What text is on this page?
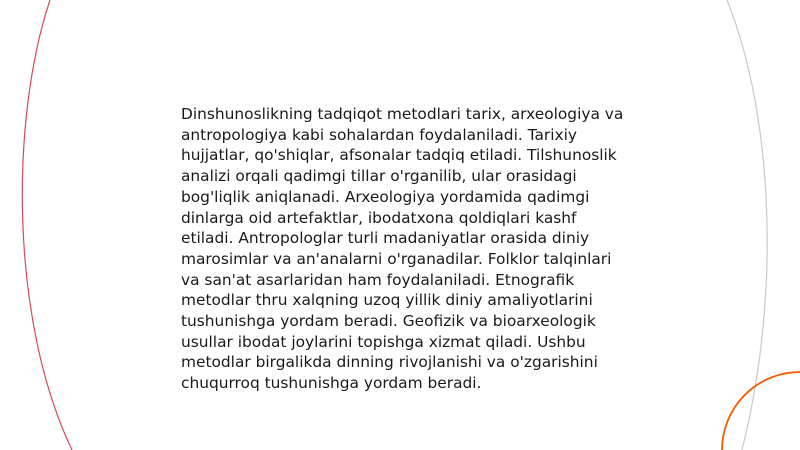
Dinshunoslikning tadqiqot metodlari tarix, arxeologiya va antropologiya kabi sohalardan foydalaniladi. Tarixiy hujjatlar, qo'shiqlar, afsonalar tadqiq etiladi. Tilshunoslik analizi orqali qadimgi tillar o'rganilib, ular orasidagi bog'liqlik aniqlanadi. Arxeologiya yordamida qadimgi dinlarga oid artefaktlar, ibodatxona qoldiqlari kashf etiladi. Antropologlar turli madaniyatlar orasida diniy marosimlar va an'analarni o'rganadilar. Folklor talqinlari va san'at asarlaridan ham foydalaniladi. Etnografik metodlar thru xalqning uzoq yillik diniy amaliyotlarini tushunishga yordam beradi. Geofizik va bioarxeologik usullar ibodat joylarini topishga xizmat qiladi. Ushbu metodlar birgalikda dinning rivojlanishi va o'zgarishini chuqurroq tushunishga yordam beradi.
